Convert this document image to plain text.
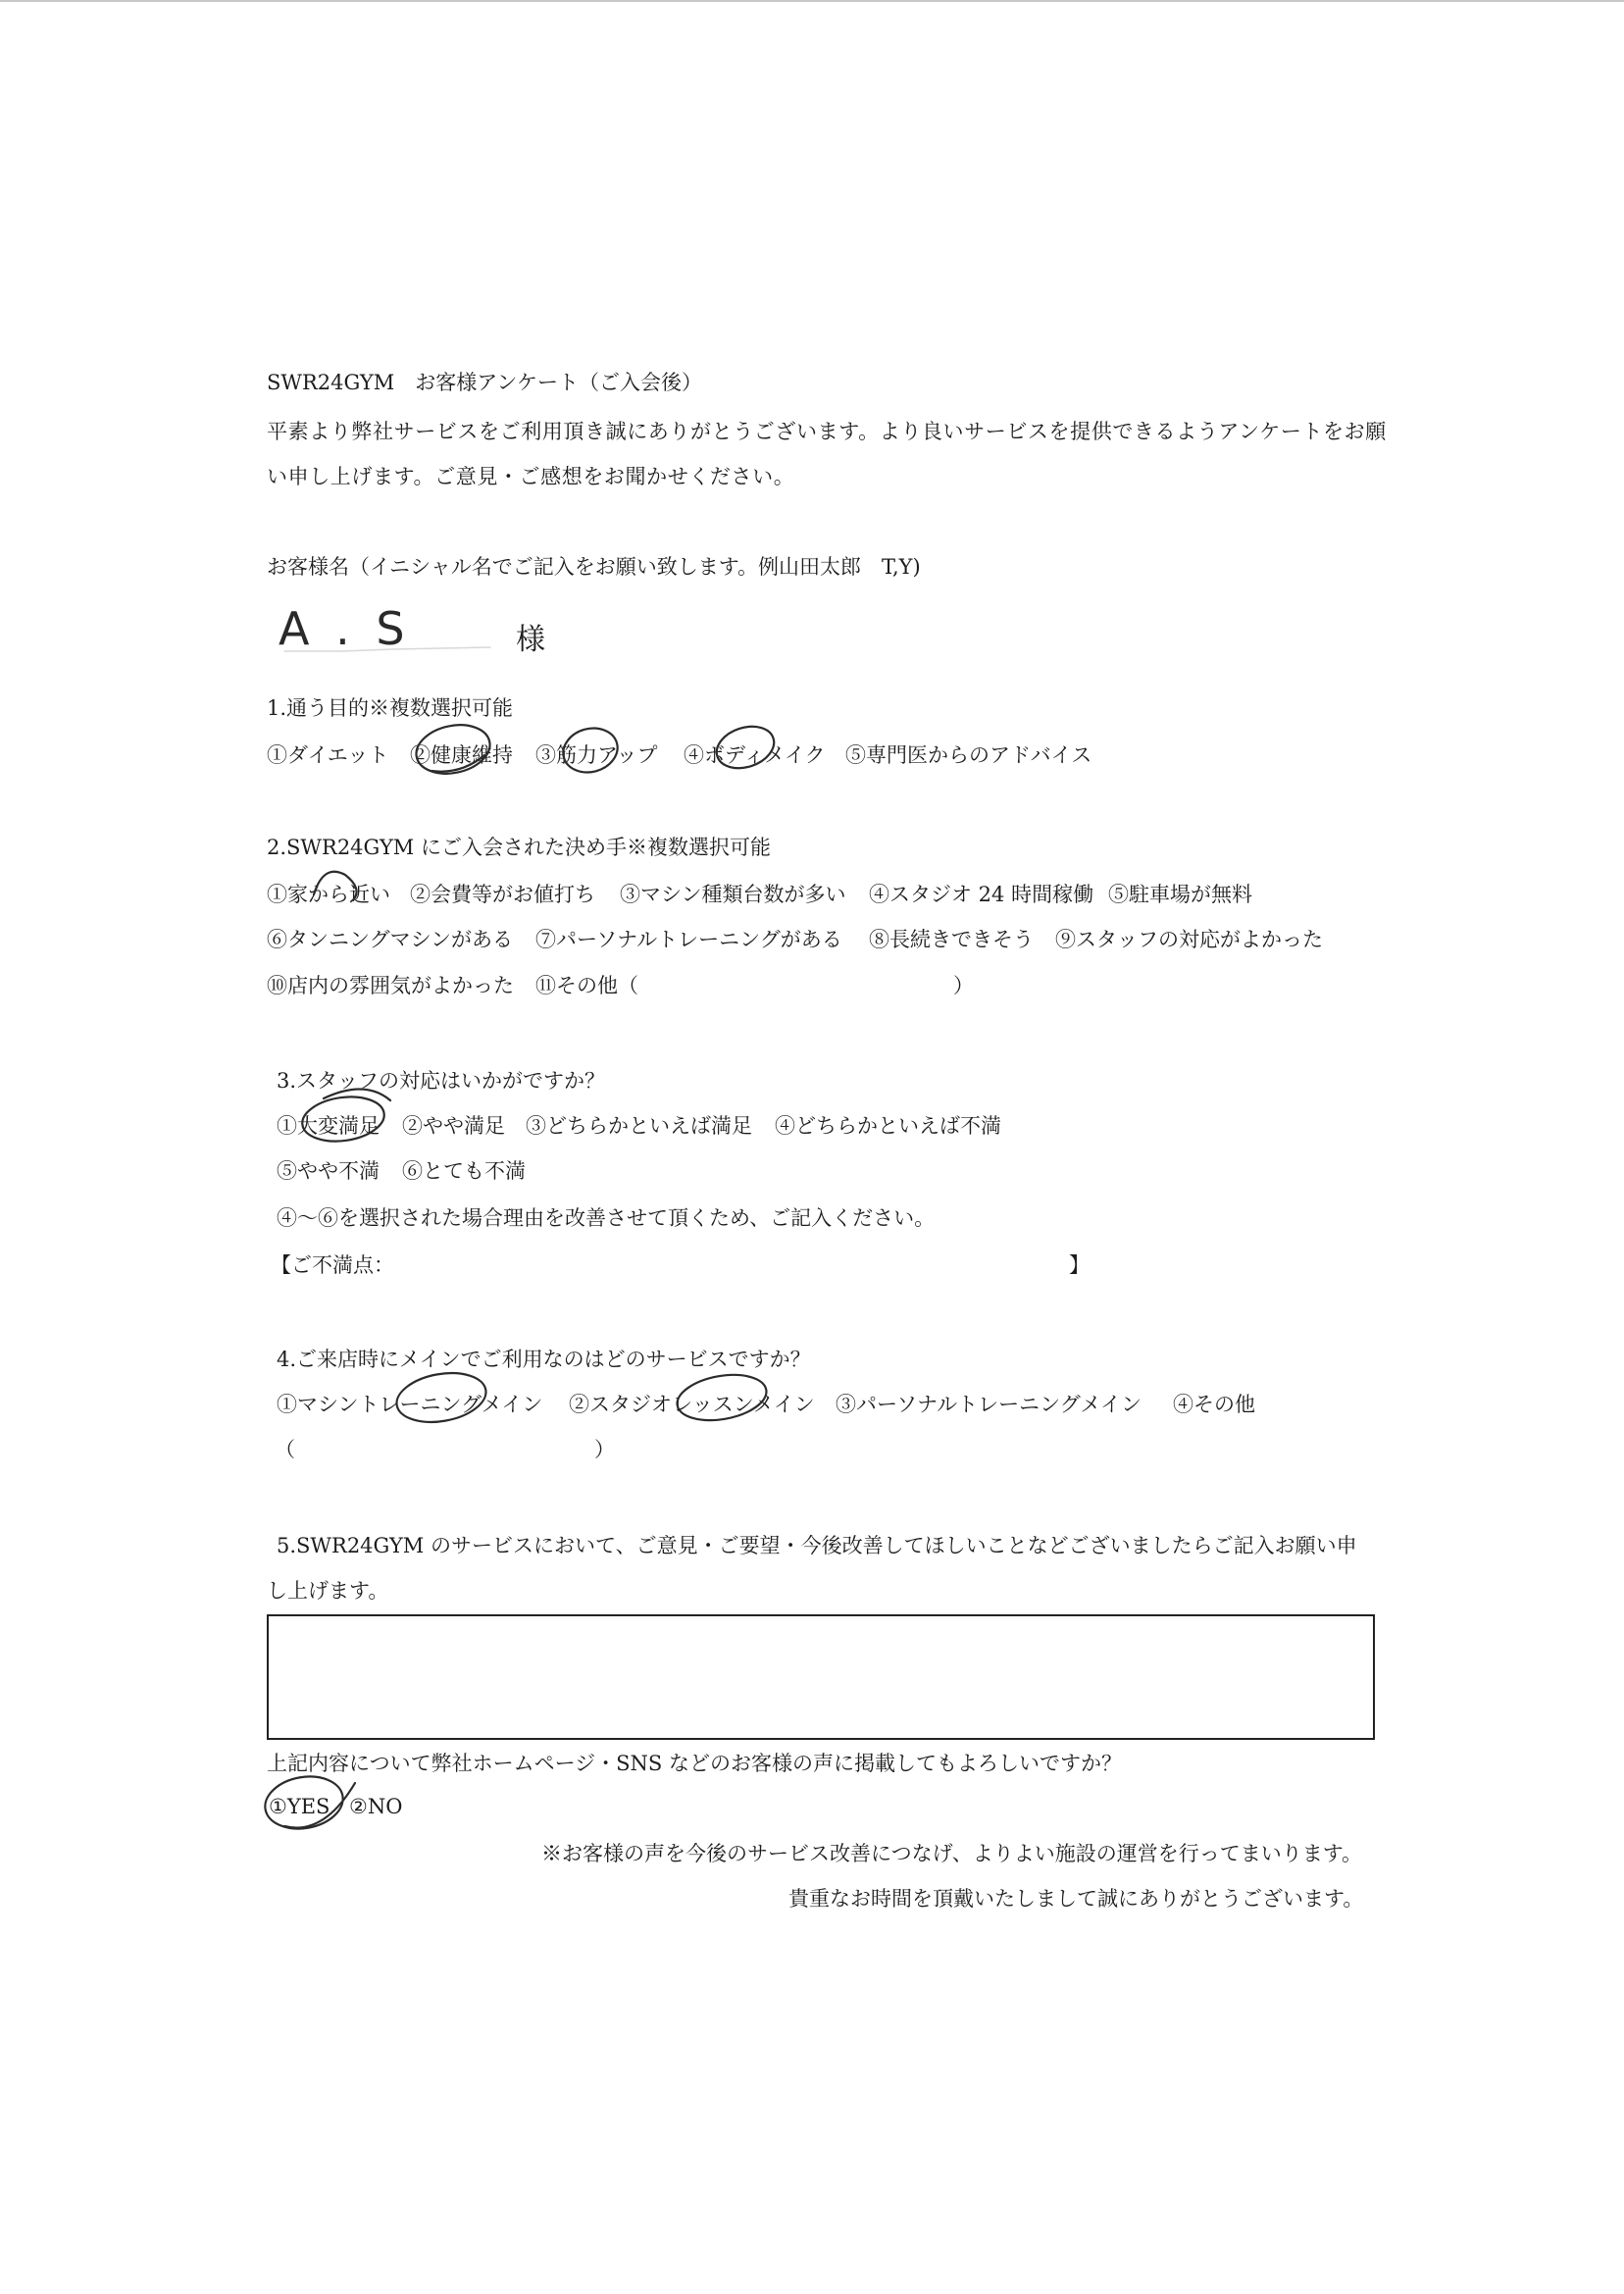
SWR24GYM　お客様アンケート（ご入会後）
平素より弊社サービスをご利用頂き誠にありがとうございます。より良いサービスを提供できるようアンケートをお願
い申し上げます。ご意見・ご感想をお聞かせください。
お客様名（イニシャル名でご記入をお願い致します。例山田太郎　T,Y)
A . S	様
1.通う目的※複数選択可能
①ダイエット ②健康維持 ③筋力アップ ④ボディメイク ⑤専門医からのアドバイス
2.SWR24GYM にご入会された決め手※複数選択可能
①家から近い ②会費等がお値打ち ③マシン種類台数が多い ④スタジオ 24 時間稼働 ⑤駐車場が無料
⑥タンニングマシンがある ⑦パーソナルトレーニングがある ⑧長続きできそう ⑨スタッフの対応がよかった
⑩店内の雰囲気がよかった ⑪その他（	）
3.スタッフの対応はいかがですか？
①大変満足 ②やや満足 ③どちらかといえば満足 ④どちらかといえば不満
⑤やや不満 ⑥とても不満
④～⑥を選択された場合理由を改善させて頂くため、ご記入ください。
【ご不満点：	】
4.ご来店時にメインでご利用なのはどのサービスですか？
①マシントレーニングメイン ②スタジオレッスンメイン ③パーソナルトレーニングメイン ④その他
（	）
5.SWR24GYM のサービスにおいて、ご意見・ご要望・今後改善してほしいことなどございましたらご記入お願い申
し上げます。
上記内容について弊社ホームページ・SNS などのお客様の声に掲載してもよろしいですか？
①YES ②NO
※お客様の声を今後のサービス改善につなげ、よりよい施設の運営を行ってまいります。
貴重なお時間を頂戴いたしまして誠にありがとうございます。
